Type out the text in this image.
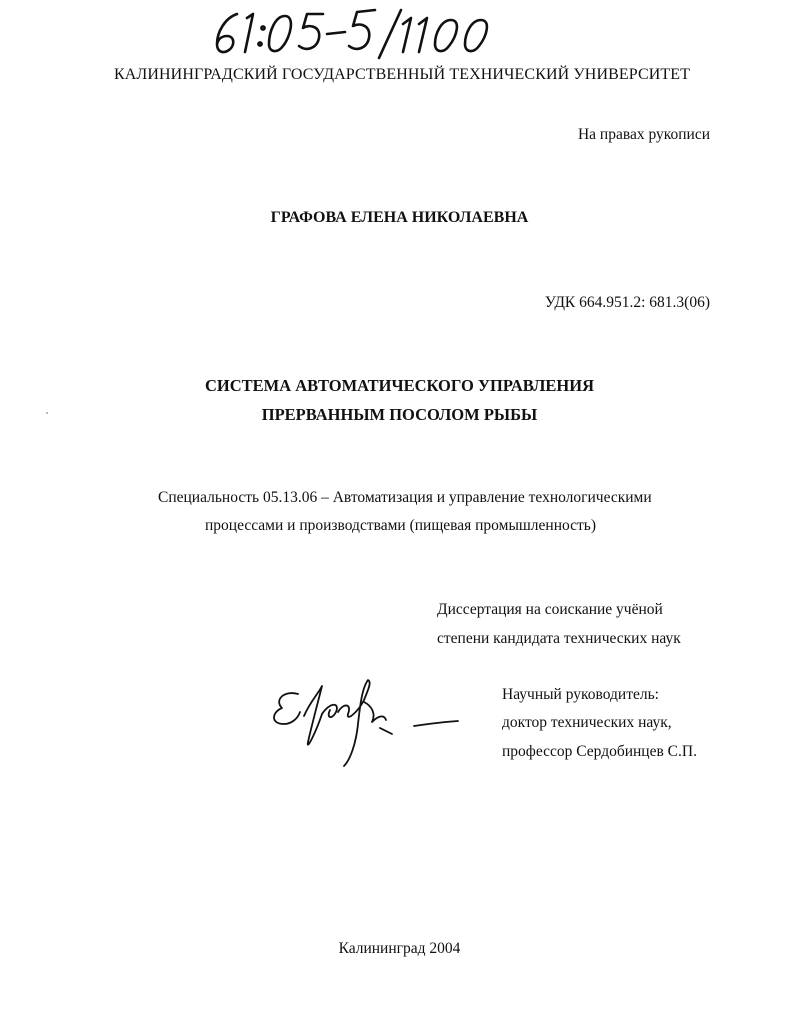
КАЛИНИНГРАДСКИЙ ГОСУДАРСТВЕННЫЙ ТЕХНИЧЕСКИЙ УНИВЕРСИТЕТ
На правах рукописи
ГРАФОВА ЕЛЕНА НИКОЛАЕВНА
УДК 664.951.2: 681.3(06)
СИСТЕМА АВТОМАТИЧЕСКОГО УПРАВЛЕНИЯ
ПРЕРВАННЫМ ПОСОЛОМ РЫБЫ
Специальность 05.13.06 – Автоматизация и управление технологическими
процессами и производствами (пищевая промышленность)
Диссертация на соискание учёной
степени кандидата технических наук
Научный руководитель:
доктор технических наук,
профессор Сердобинцев С.П.
Калининград 2004
